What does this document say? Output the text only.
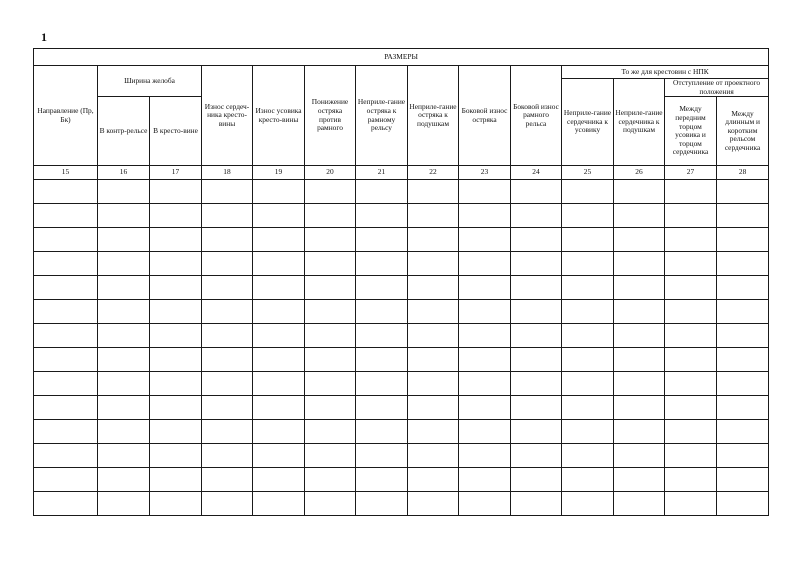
1
РАЗМЕРЫ													
Направление (Пр, Бк)	Ширина желоба		Износ сердеч-ника кресто-вины	Износ усовика кресто-вины	Понижение остряка против рамного	Неприле-гание остряка к рамному рельсу	Неприле-гание остряка к подушкам	Боковой износ остряка	Боковой износ рамного рельса	То же для крестовин с НПК			
										Неприле-гание сердечника к усовику	Неприле-гание сердечника к подушкам	Отступление от проектного положения	
	В контр-рельсе	В кресто-вине										Между передним торцом усовика и торцом сердечника	Между длинным и коротким рельсом сердечника
15	16	17	18	19	20	21	22	23	24	25	26	27	28
